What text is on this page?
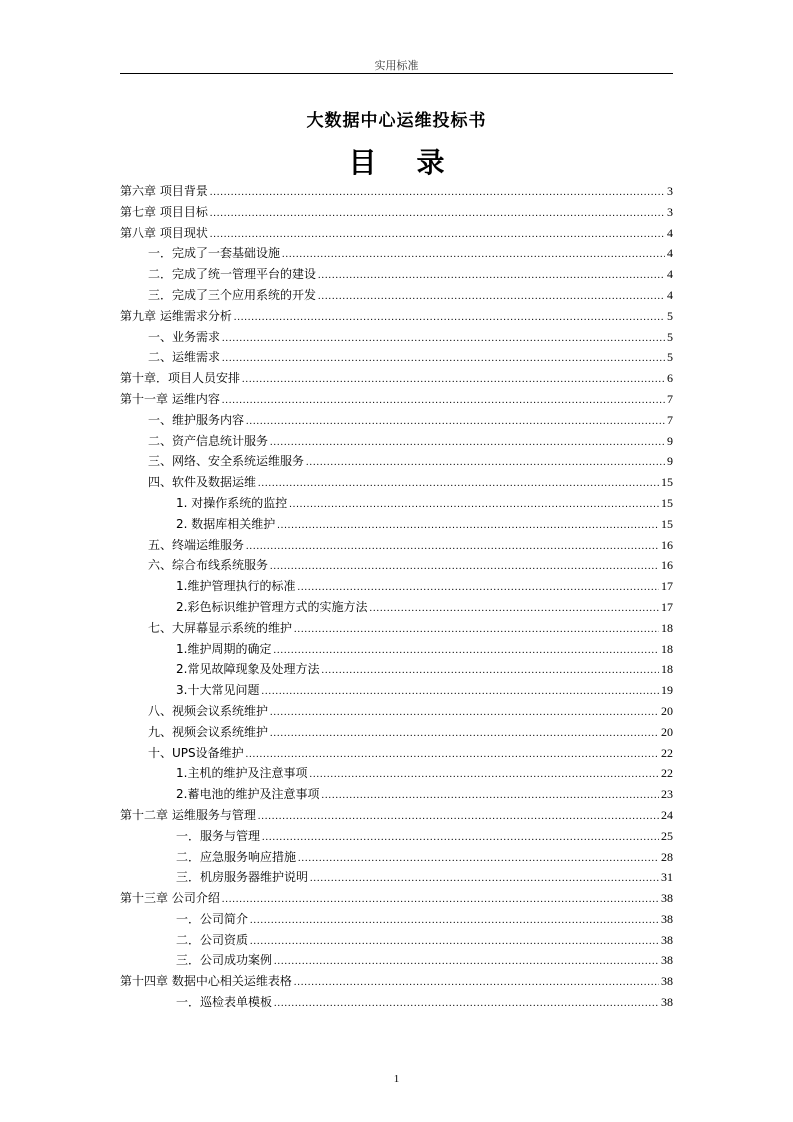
实用标准
大数据中心运维投标书
目 录
第六章 项目背景 .....	3
第七章 项目目标 .....	3
第八章 项目现状 .....	4
一．完成了一套基础设施 .....	4
二．完成了统一管理平台的建设 .....	4
三．完成了三个应用系统的开发 .....	4
第九章 运维需求分析 .....	5
一、业务需求 .....	5
二、运维需求 .....	5
第十章．项目人员安排 .....	6
第十一章 运维内容 .....	7
一、维护服务内容 .....	7
二、资产信息统计服务 .....	9
三、网络、安全系统运维服务 .....	9
四、软件及数据运维 .....	15
1. 对操作系统的监控 .....	15
2. 数据库相关维护 .....	15
五、终端运维服务 .....	16
六、综合布线系统服务 .....	16
1.维护管理执行的标准 .....	17
2.彩色标识维护管理方式的实施方法 .....	17
七、大屏幕显示系统的维护 .....	18
1.维护周期的确定 .....	18
2.常见故障现象及处理方法 .....	18
3.十大常见问题 .....	19
八、视频会议系统维护 .....	20
九、视频会议系统维护 .....	20
十、UPS设备维护 .....	22
1.主机的维护及注意事项 .....	22
2.蓄电池的维护及注意事项 .....	23
第十二章 运维服务与管理 .....	24
一．服务与管理 .....	25
二．应急服务响应措施 .....	28
三．机房服务器维护说明 .....	31
第十三章 公司介绍 .....	38
一．公司简介 .....	38
二．公司资质 .....	38
三．公司成功案例 .....	38
第十四章 数据中心相关运维表格 .....	38
一．巡检表单模板 .....	38
1
